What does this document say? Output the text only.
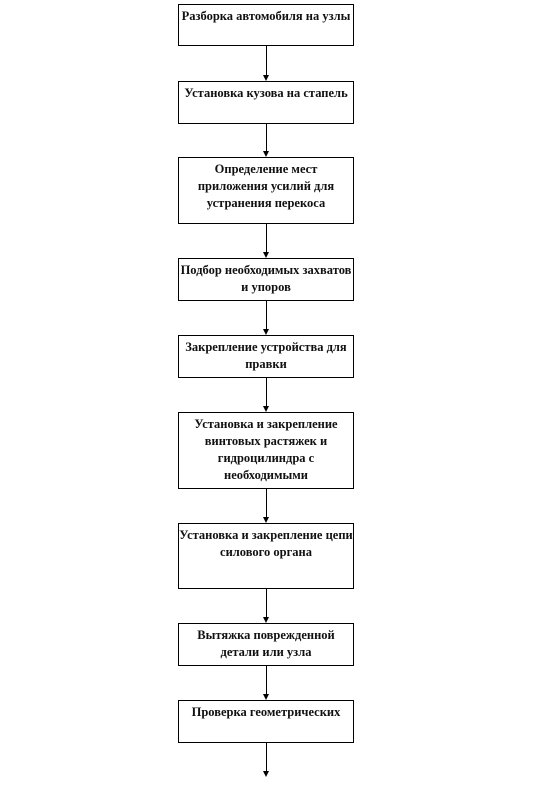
Разборка автомобиля на узлы
Установка кузова на стапель
Определение мест приложения усилий для устранения перекоса
Подбор необходимых захватов и упоров
Закрепление устройства для правки
Установка и закрепление винтовых растяжек и гидроцилиндра с необходимыми
Установка и закрепление цепи силового органа
Вытяжка поврежденной детали или узла
Проверка геометрических
